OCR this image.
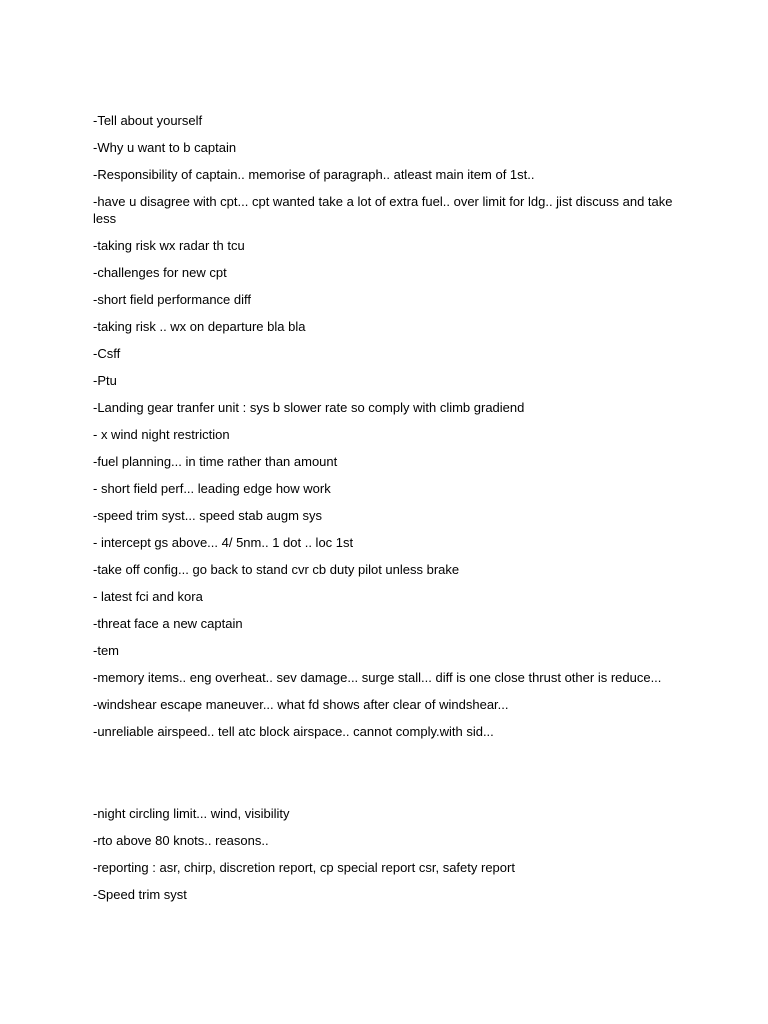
-Tell about yourself

-Why u want to b captain

-Responsibility of captain.. memorise of paragraph.. atleast main item of 1st..

-have u disagree with cpt... cpt wanted take a lot of extra fuel.. over limit for ldg.. jist discuss and take less

-taking risk wx radar th tcu

-challenges for new cpt

-short field performance diff

-taking risk .. wx on departure bla bla

-Csff

-Ptu

-Landing gear tranfer unit : sys b slower rate so comply with climb gradiend

- x wind night restriction

-fuel planning... in time rather than amount

- short field perf... leading edge how work

-speed trim syst... speed stab augm sys

- intercept gs above... 4/ 5nm.. 1 dot .. loc 1st

-take off config... go back to stand cvr cb duty pilot unless brake

- latest fci and kora

-threat face a new captain

-tem

-memory items.. eng overheat.. sev damage... surge stall... diff is one close thrust other is reduce...

-windshear escape maneuver... what fd shows after clear of windshear...

-unreliable airspeed.. tell atc block airspace.. cannot comply.with sid...

-night circling limit... wind, visibility

-rto above 80 knots.. reasons..

-reporting : asr, chirp, discretion report, cp special report csr, safety report

-Speed trim syst
